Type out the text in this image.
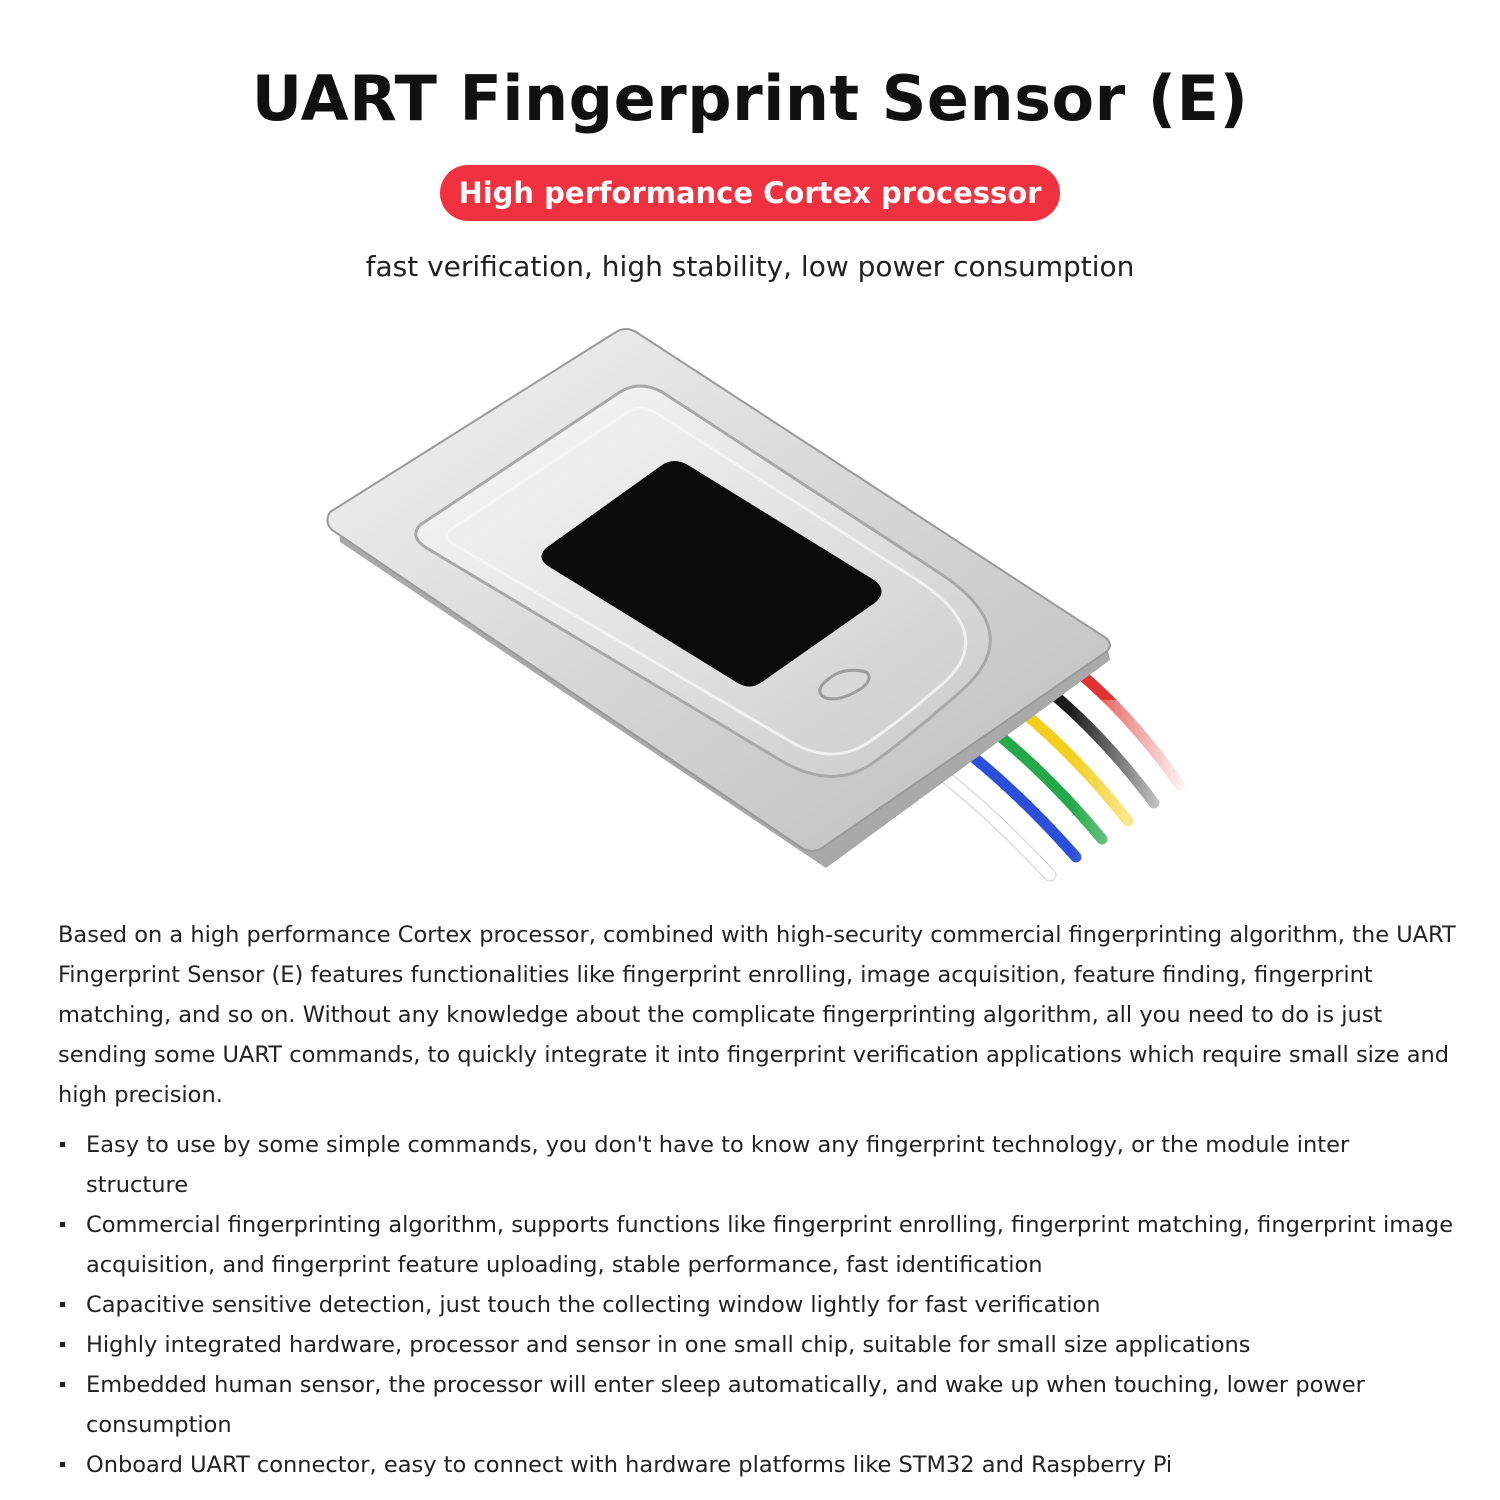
UART Fingerprint Sensor (E)
High performance Cortex processor
fast verification, high stability, low power consumption

Based on a high performance Cortex processor, combined with high-security commercial fingerprinting algorithm, the UART Fingerprint Sensor (E) features functionalities like fingerprint enrolling, image acquisition, feature finding, fingerprint matching, and so on. Without any knowledge about the complicate fingerprinting algorithm, all you need to do is just sending some UART commands, to quickly integrate it into fingerprint verification applications which require small size and high precision.

Easy to use by some simple commands, you don't have to know any fingerprint technology, or the module inter structure
Commercial fingerprinting algorithm, supports functions like fingerprint enrolling, fingerprint matching, fingerprint image acquisition, and fingerprint feature uploading, stable performance, fast identification
Capacitive sensitive detection, just touch the collecting window lightly for fast verification
Highly integrated hardware, processor and sensor in one small chip, suitable for small size applications
Embedded human sensor, the processor will enter sleep automatically, and wake up when touching, lower power consumption
Onboard UART connector, easy to connect with hardware platforms like STM32 and Raspberry Pi
